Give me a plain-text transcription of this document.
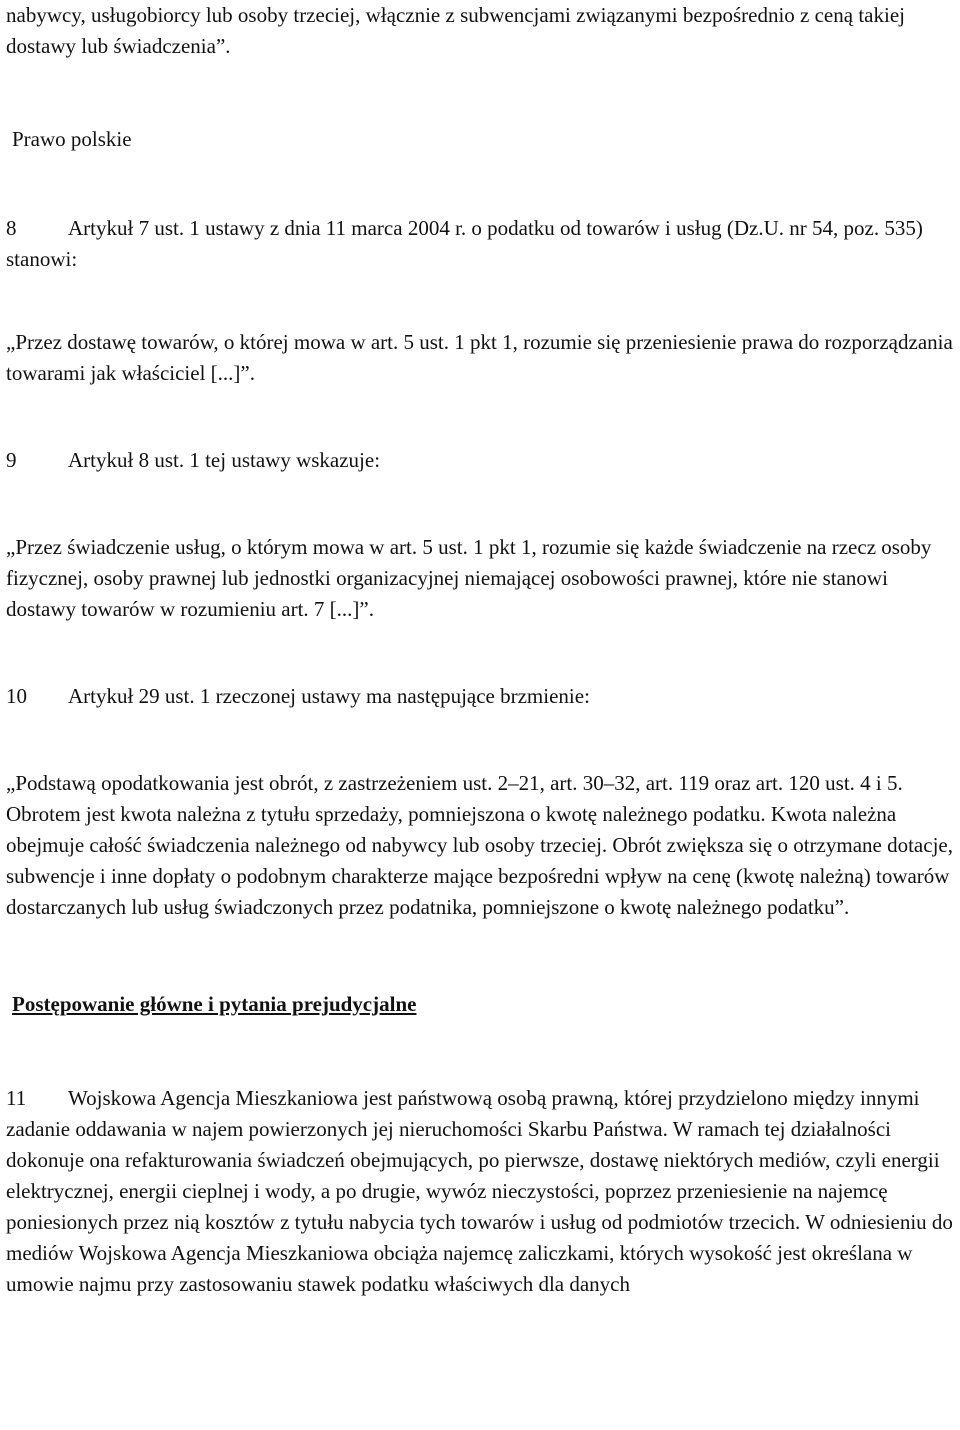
nabywcy, usługobiorcy lub osoby trzeciej, włącznie z subwencjami związanymi bezpośrednio z ceną takiej dostawy lub świadczenia”.

Prawo polskie

8 Artykuł 7 ust. 1 ustawy z dnia 11 marca 2004 r. o podatku od towarów i usług (Dz.U. nr 54, poz. 535) stanowi:

„Przez dostawę towarów, o której mowa w art. 5 ust. 1 pkt 1, rozumie się przeniesienie prawa do rozporządzania towarami jak właściciel [...]”.

9 Artykuł 8 ust. 1 tej ustawy wskazuje:

„Przez świadczenie usług, o którym mowa w art. 5 ust. 1 pkt 1, rozumie się każde świadczenie na rzecz osoby fizycznej, osoby prawnej lub jednostki organizacyjnej niemającej osobowości prawnej, które nie stanowi dostawy towarów w rozumieniu art. 7 [...]”.

10 Artykuł 29 ust. 1 rzeczonej ustawy ma następujące brzmienie:

„Podstawą opodatkowania jest obrót, z zastrzeżeniem ust. 2–21, art. 30–32, art. 119 oraz art. 120 ust. 4 i 5. Obrotem jest kwota należna z tytułu sprzedaży, pomniejszona o kwotę należnego podatku. Kwota należna obejmuje całość świadczenia należnego od nabywcy lub osoby trzeciej. Obrót zwiększa się o otrzymane dotacje, subwencje i inne dopłaty o podobnym charakterze mające bezpośredni wpływ na cenę (kwotę należną) towarów dostarczanych lub usług świadczonych przez podatnika, pomniejszone o kwotę należnego podatku”.

Postępowanie główne i pytania prejudycjalne

11 Wojskowa Agencja Mieszkaniowa jest państwową osobą prawną, której przydzielono między innymi zadanie oddawania w najem powierzonych jej nieruchomości Skarbu Państwa. W ramach tej działalności dokonuje ona refakturowania świadczeń obejmujących, po pierwsze, dostawę niektórych mediów, czyli energii elektrycznej, energii cieplnej i wody, a po drugie, wywóz nieczystości, poprzez przeniesienie na najemcę poniesionych przez nią kosztów z tytułu nabycia tych towarów i usług od podmiotów trzecich. W odniesieniu do mediów Wojskowa Agencja Mieszkaniowa obciąża najemcę zaliczkami, których wysokość jest określana w umowie najmu przy zastosowaniu stawek podatku właściwych dla danych
